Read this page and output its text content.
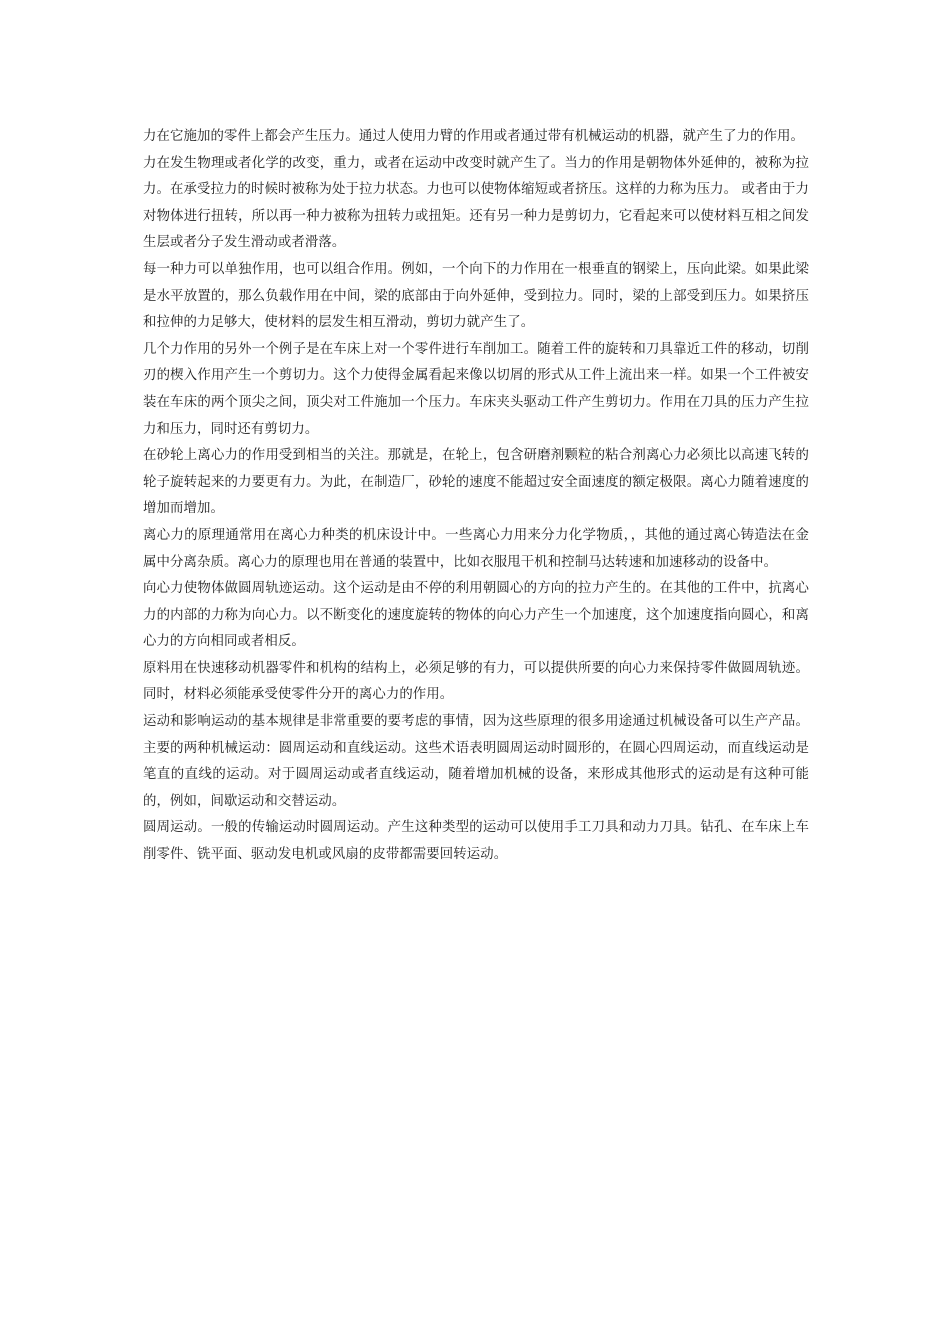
力在它施加的零件上都会产生压力。通过人使用力臂的作用或者通过带有机械运动的机器，就产生了力的作用。

力在发生物理或者化学的改变，重力，或者在运动中改变时就产生了。当力的作用是朝物体外延伸的，被称为拉力。在承受拉力的时候时被称为处于拉力状态。力也可以使物体缩短或者挤压。这样的力称为压力。 或者由于力对物体进行扭转，所以再一种力被称为扭转力或扭矩。还有另一种力是剪切力，它看起来可以使材料互相之间发生层或者分子发生滑动或者滑落。

每一种力可以单独作用，也可以组合作用。例如，一个向下的力作用在一根垂直的钢梁上，压向此梁。如果此梁是水平放置的，那么负载作用在中间，梁的底部由于向外延伸，受到拉力。同时，梁的上部受到压力。如果挤压和拉伸的力足够大，使材料的层发生相互滑动，剪切力就产生了。

几个力作用的另外一个例子是在车床上对一个零件进行车削加工。随着工件的旋转和刀具靠近工件的移动，切削刃的楔入作用产生一个剪切力。这个力使得金属看起来像以切屑的形式从工件上流出来一样。如果一个工件被安装在车床的两个顶尖之间，顶尖对工件施加一个压力。车床夹头驱动工件产生剪切力。作用在刀具的压力产生拉力和压力，同时还有剪切力。

在砂轮上离心力的作用受到相当的关注。那就是，在轮上，包含研磨剂颗粒的粘合剂离心力必须比以高速飞转的轮子旋转起来的力要更有力。为此，在制造厂，砂轮的速度不能超过安全面速度的额定极限。离心力随着速度的增加而增加。

离心力的原理通常用在离心力种类的机床设计中。一些离心力用来分力化学物质，，其他的通过离心铸造法在金属中分离杂质。离心力的原理也用在普通的装置中，比如衣服甩干机和控制马达转速和加速移动的设备中。

向心力使物体做圆周轨迹运动。这个运动是由不停的利用朝圆心的方向的拉力产生的。在其他的工件中，抗离心力的内部的力称为向心力。以不断变化的速度旋转的物体的向心力产生一个加速度，这个加速度指向圆心，和离心力的方向相同或者相反。

原料用在快速移动机器零件和机构的结构上，必须足够的有力，可以提供所要的向心力来保持零件做圆周轨迹。同时，材料必须能承受使零件分开的离心力的作用。

运动和影响运动的基本规律是非常重要的要考虑的事情，因为这些原理的很多用途通过机械设备可以生产产品。主要的两种机械运动：圆周运动和直线运动。这些术语表明圆周运动时圆形的，在圆心四周运动，而直线运动是笔直的直线的运动。对于圆周运动或者直线运动，随着增加机械的设备，来形成其他形式的运动是有这种可能的，例如，间歇运动和交替运动。

圆周运动。一般的传输运动时圆周运动。产生这种类型的运动可以使用手工刀具和动力刀具。钻孔、在车床上车削零件、铣平面、驱动发电机或风扇的皮带都需要回转运动。
